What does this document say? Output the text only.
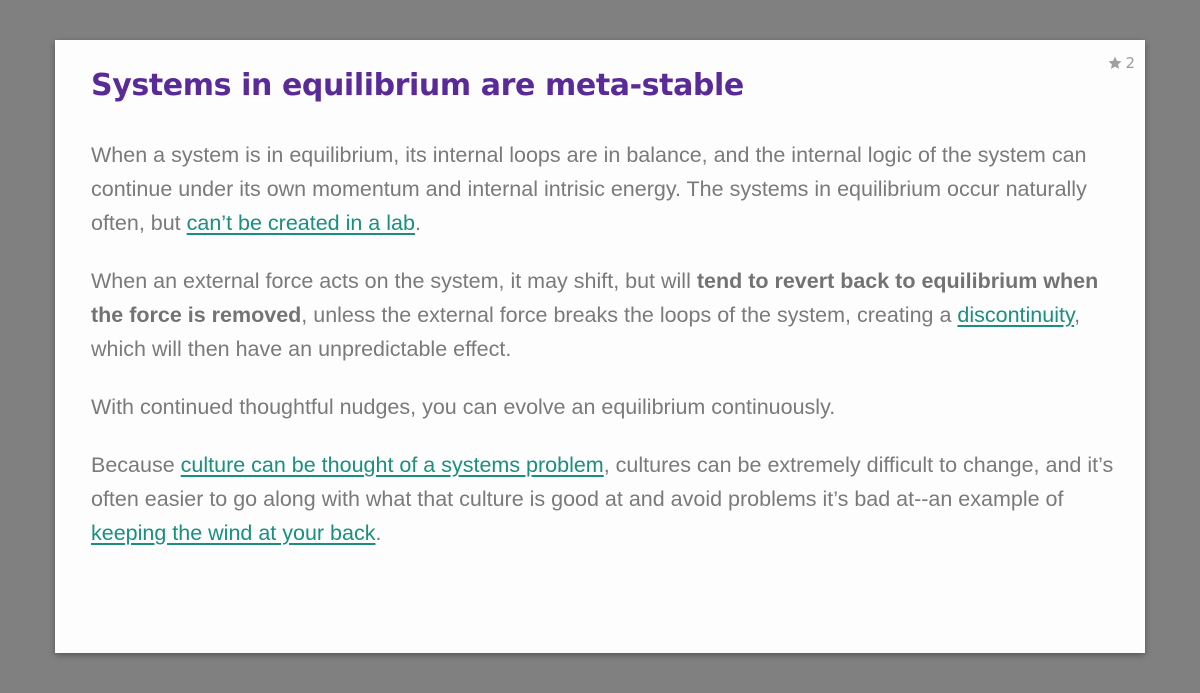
2
Systems in equilibrium are meta-stable

When a system is in equilibrium, its internal loops are in balance, and the internal logic of the system can continue under its own momentum and internal intrisic energy. The systems in equilibrium occur naturally often, but can’t be created in a lab.

When an external force acts on the system, it may shift, but will tend to revert back to equilibrium when the force is removed, unless the external force breaks the loops of the system, creating a discontinuity, which will then have an unpredictable effect.

With continued thoughtful nudges, you can evolve an equilibrium continuously.

Because culture can be thought of a systems problem, cultures can be extremely difficult to change, and it’s often easier to go along with what that culture is good at and avoid problems it’s bad at--an example of keeping the wind at your back.
